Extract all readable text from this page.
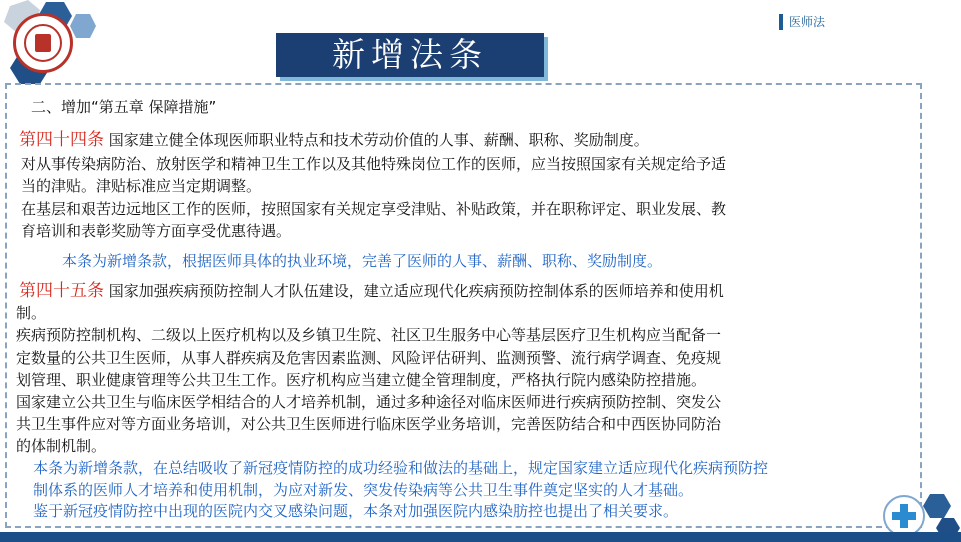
医师法
新增法条
二、增加“第五章 保障措施”
第四十四条 国家建立健全体现医师职业特点和技术劳动价值的人事、薪酬、职称、奖励制度。
对从事传染病防治、放射医学和精神卫生工作以及其他特殊岗位工作的医师，应当按照国家有关规定给予适
当的津贴。津贴标准应当定期调整。
在基层和艰苦边远地区工作的医师，按照国家有关规定享受津贴、补贴政策，并在职称评定、职业发展、教
育培训和表彰奖励等方面享受优惠待遇。
本条为新增条款，根据医师具体的执业环境，完善了医师的人事、薪酬、职称、奖励制度。
第四十五条 国家加强疾病预防控制人才队伍建设，建立适应现代化疾病预防控制体系的医师培养和使用机
制。
疾病预防控制机构、二级以上医疗机构以及乡镇卫生院、社区卫生服务中心等基层医疗卫生机构应当配备一
定数量的公共卫生医师，从事人群疾病及危害因素监测、风险评估研判、监测预警、流行病学调查、免疫规
划管理、职业健康管理等公共卫生工作。医疗机构应当建立健全管理制度，严格执行院内感染防控措施。
国家建立公共卫生与临床医学相结合的人才培养机制，通过多种途径对临床医师进行疾病预防控制、突发公
共卫生事件应对等方面业务培训，对公共卫生医师进行临床医学业务培训，完善医防结合和中西医协同防治
的体制机制。
本条为新增条款，在总结吸收了新冠疫情防控的成功经验和做法的基础上，规定国家建立适应现代化疾病预防控
制体系的医师人才培养和使用机制，为应对新发、突发传染病等公共卫生事件奠定坚实的人才基础。
鉴于新冠疫情防控中出现的医院内交叉感染问题，本条对加强医院内感染肪控也提出了相关要求。
